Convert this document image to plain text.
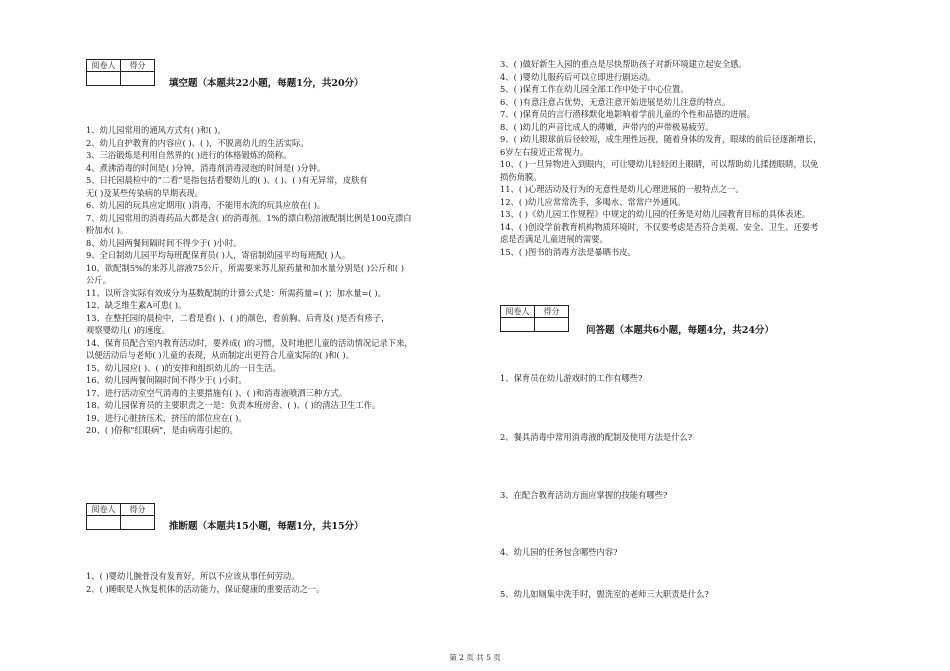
阅卷人	得分

填空题（本题共22小题，每题1分，共20分）
1、幼儿园常用的通风方式有( )和( )。
2、幼儿自护教育的内容应( )、( )，不脱离幼儿的生活实际。
3、三浴锻炼是利用自然界的( )进行的体格锻炼的简称。
4、煮沸消毒的时间是( )分钟，消毒剂消毒浸泡的时间是( )分钟。
5、日托园晨检中的“二看”是指包括看婴幼儿的( )、( )、( )有无异常，皮肤有
无( )及某些传染病的早期表现。
6、幼儿园的玩具应定期用( )消毒，不能用水洗的玩具应放在( )。
7、幼儿园常用的消毒药品大都是含( )的消毒剂。1%的漂白粉溶液配制比例是100克漂白
粉加水( )。
8、幼儿园两餐间隔时间不得少于( )小时。
9、全日制幼儿园平均每班配保育员( )人，寄宿制幼园平均每班配( )人。
10、欲配制5%的来苏儿溶液75公斤，所需要来苏儿原药量和加水量分别是( )公斤和( )
公斤。
11、以所含实际有效成分为基数配制的计算公式是：所需药量=( )；加水量=( )。
12、缺乏维生素A可患( )。
13、在整托园的晨检中，二看是看( )、( )的颜色，看前胸、后背及( )是否有疹子，
观察婴幼儿( )的速度。
14、保育员配合室内教育活动时，要养成( )的习惯，及时地把儿童的活动情况记录下来，
以便活动后与老师( )儿童的表现，从而制定出更符合儿童实际的( )和( )。
15、幼儿园应( )、( )的安排和组织幼儿的一日生活。
16、幼儿园两餐间隔时间不得少于( )小时。
17、进行活动室空气消毒的主要措施有( )、( )和消毒液喷洒三种方式。
18、幼儿园保育员的主要职责之一是：负责本班房舍、( )、( )的清洁卫生工作。
19、进行心脏挤压术，挤压的部位应在( )。
20、( )俗称"红眼病"，是由病毒引起的。
阅卷人	得分

推断题（本题共15小题，每题1分，共15分）
1、( )婴幼儿腕骨没有发育好，所以不应该从事任何劳动。
2、( )睡眠是人恢复机体的活动能力，保证健康的重要活动之一。
3、( )做好新生入园的重点是尽快帮助孩子对新环境建立起安全感。
4、( )婴幼儿服药后可以立即进行剧运动。
5、( )保育工作在幼儿园全部工作中处于中心位置。
6、( )有意注意占优势，无意注意开始进展是幼儿注意的特点。
7、( )保育员的言行潜移默化地影响着学前儿童的个性和品德的进展。
8、( )幼儿的声音比成人的薄嫩，声带内的声带极易疲劳。
9、( )幼儿眼球前后径较短，成生理性远视，随着身体的发育，眼球的前后径逐渐增长，
6岁左右接近正常视力。
10、( )一旦异物进入到眼内，可让婴幼儿轻轻闭上眼睛，可以帮助幼儿揉搓眼睛，以免
损伤角膜。
11、( )心理活动及行为的无意性是幼儿心理进展的一般特点之一。
12、( )幼儿应常常洗手，多喝水、常常户外通风。
13、( )《幼儿园工作规程》中规定的幼儿园的任务是对幼儿园教育目标的具体表述。
14、( )创设学前教育机构物质环境时，不仅要考虑是否符合美观、安全、卫生、还要考
虑是否满足儿童进展的需要。
15、( )图书的消毒方法是暴晒书皮。
阅卷人	得分

问答题（本题共6小题，每题4分，共24分）
1、保育员在幼儿游戏时的工作有哪些?
2、餐具消毒中常用消毒液的配制及使用方法是什么?
3、在配合教育活动方面应掌握的技能有哪些?
4、幼儿园的任务包含哪些内容?
5、幼儿如厕集中洗手时，盥洗室的老师三大职责是什么?
第 2 页 共 5 页
